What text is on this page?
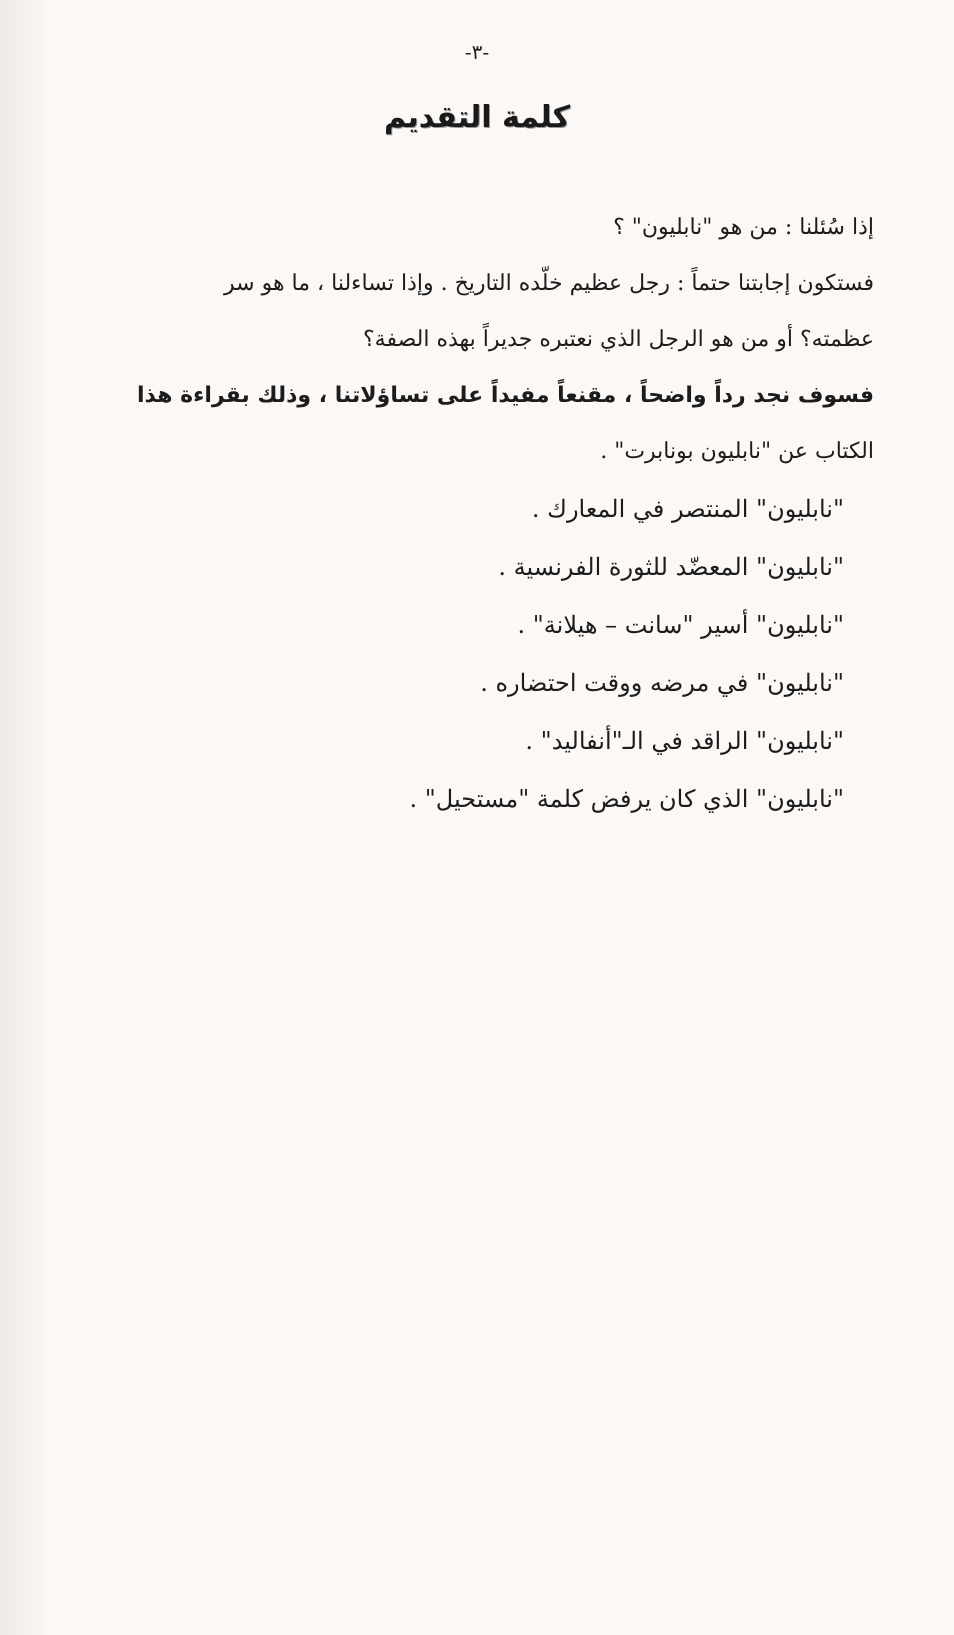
-٣-
كلمة التقديم
إذا سُئلنا : من هو "نابليون" ؟
فستكون إجابتنا حتماً : رجل عظيم خلّده التاريخ . وإذا تساءلنا ، ما هو سر
عظمته؟ أو من هو الرجل الذي نعتبره جديراً بهذه الصفة؟
فسوف نجد رداً واضحاً ، مقنعاً مفيداً على تساؤلاتنا ، وذلك بقراءة هذا
الكتاب عن "نابليون بونابرت" .
"نابليون" المنتصر في المعارك .
"نابليون" المعضّد للثورة الفرنسية .
"نابليون" أسير "سانت – هيلانة" .
"نابليون" في مرضه ووقت احتضاره .
"نابليون" الراقد في الـ"أنفاليد" .
"نابليون" الذي كان يرفض كلمة "مستحيل" .
